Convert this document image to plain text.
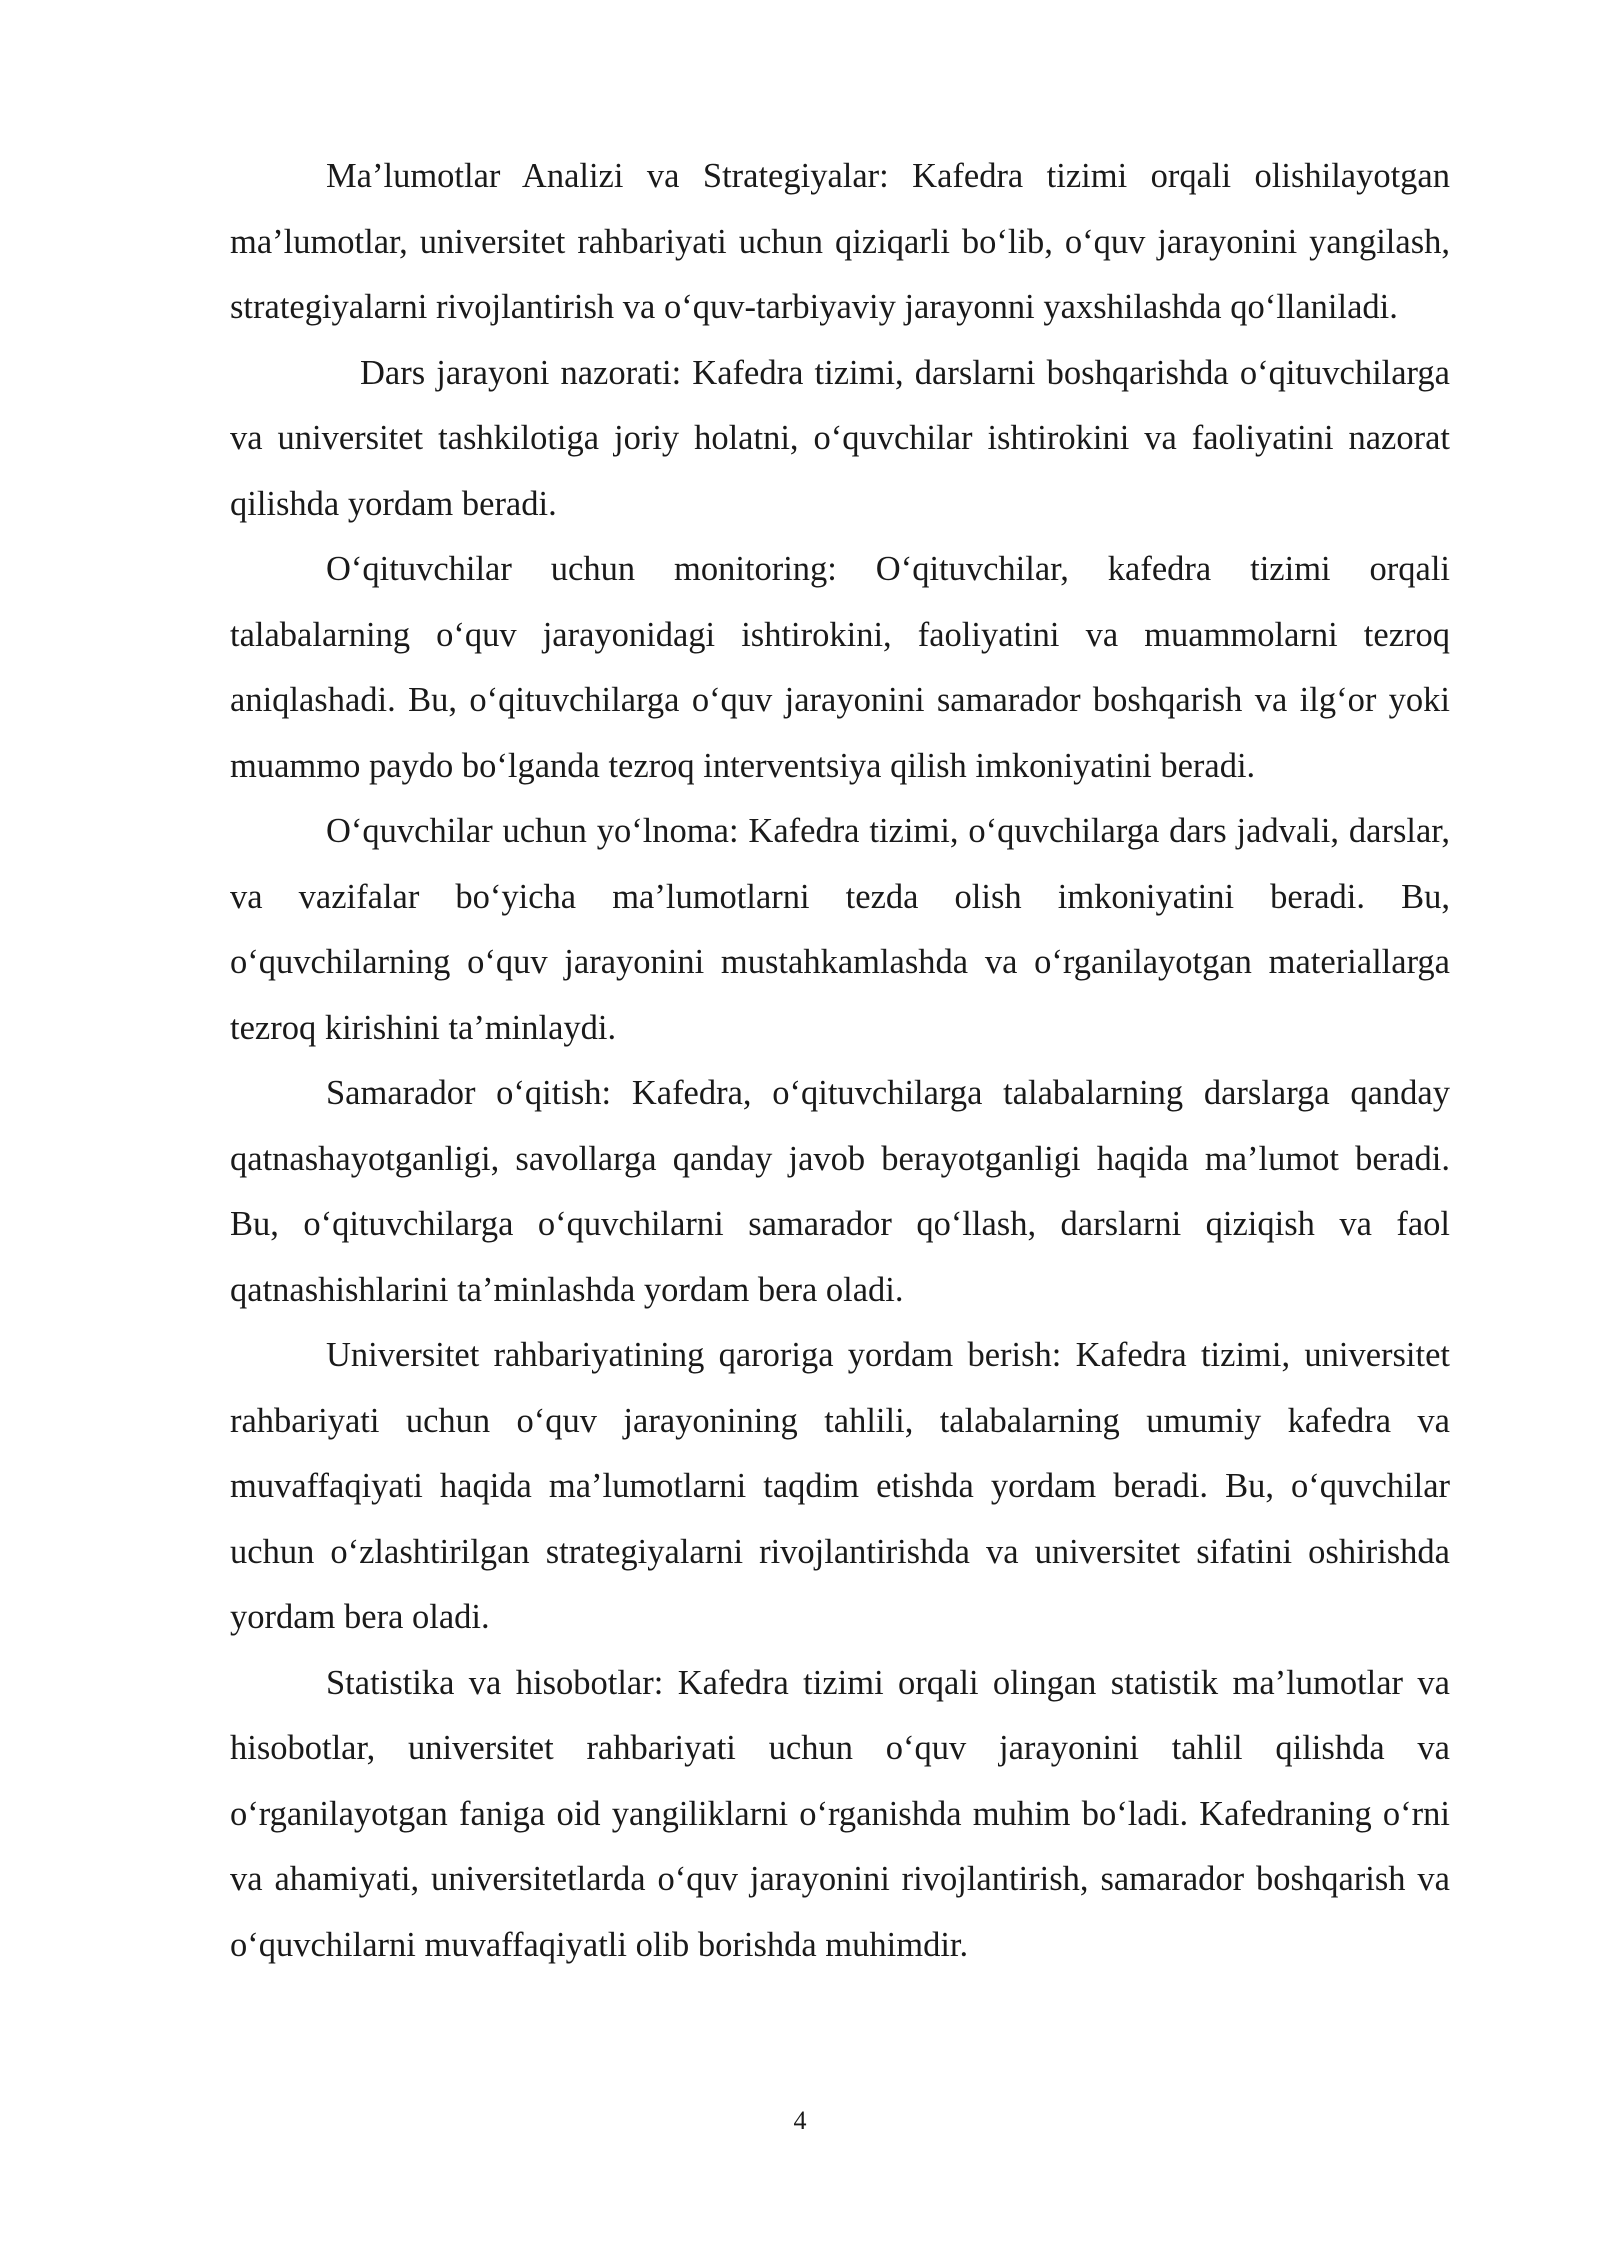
Ma’lumotlar Analizi va Strategiyalar: Kafedra tizimi orqali olishilayotgan ma’lumotlar, universitet rahbariyati uchun qiziqarli bo‘lib, o‘quv jarayonini yangilash, strategiyalarni rivojlantirish va o‘quv-tarbiyaviy jarayonni yaxshilashda qo‘llaniladi.

Dars jarayoni nazorati: Kafedra tizimi, darslarni boshqarishda o‘qituvchilarga va universitet tashkilotiga joriy holatni, o‘quvchilar ishtirokini va faoliyatini nazorat qilishda yordam beradi.

O‘qituvchilar uchun monitoring: O‘qituvchilar, kafedra tizimi orqali talabalarning o‘quv jarayonidagi ishtirokini, faoliyatini va muammolarni tezroq aniqlashadi. Bu, o‘qituvchilarga o‘quv jarayonini samarador boshqarish va ilg‘or yoki muammo paydo bo‘lganda tezroq interventsiya qilish imkoniyatini beradi.

O‘quvchilar uchun yo‘lnoma: Kafedra tizimi, o‘quvchilarga dars jadvali, darslar, va vazifalar bo‘yicha ma’lumotlarni tezda olish imkoniyatini beradi. Bu, o‘quvchilarning o‘quv jarayonini mustahkamlashda va o‘rganilayotgan materiallarga tezroq kirishini ta’minlaydi.

Samarador o‘qitish: Kafedra, o‘qituvchilarga talabalarning darslarga qanday qatnashayotganligi, savollarga qanday javob berayotganligi haqida ma’lumot beradi. Bu, o‘qituvchilarga o‘quvchilarni samarador qo‘llash, darslarni qiziqish va faol qatnashishlarini ta’minlashda yordam bera oladi.

Universitet rahbariyatining qaroriga yordam berish: Kafedra tizimi, universitet rahbariyati uchun o‘quv jarayonining tahlili, talabalarning umumiy kafedra va muvaffaqiyati haqida ma’lumotlarni taqdim etishda yordam beradi. Bu, o‘quvchilar uchun o‘zlashtirilgan strategiyalarni rivojlantirishda va universitet sifatini oshirishda yordam bera oladi.

Statistika va hisobotlar: Kafedra tizimi orqali olingan statistik ma’lumotlar va hisobotlar, universitet rahbariyati uchun o‘quv jarayonini tahlil qilishda va o‘rganilayotgan faniga oid yangiliklarni o‘rganishda muhim bo‘ladi. Kafedraning o‘rni va ahamiyati, universitetlarda o‘quv jarayonini rivojlantirish, samarador boshqarish va o‘quvchilarni muvaffaqiyatli olib borishda muhimdir.

4
